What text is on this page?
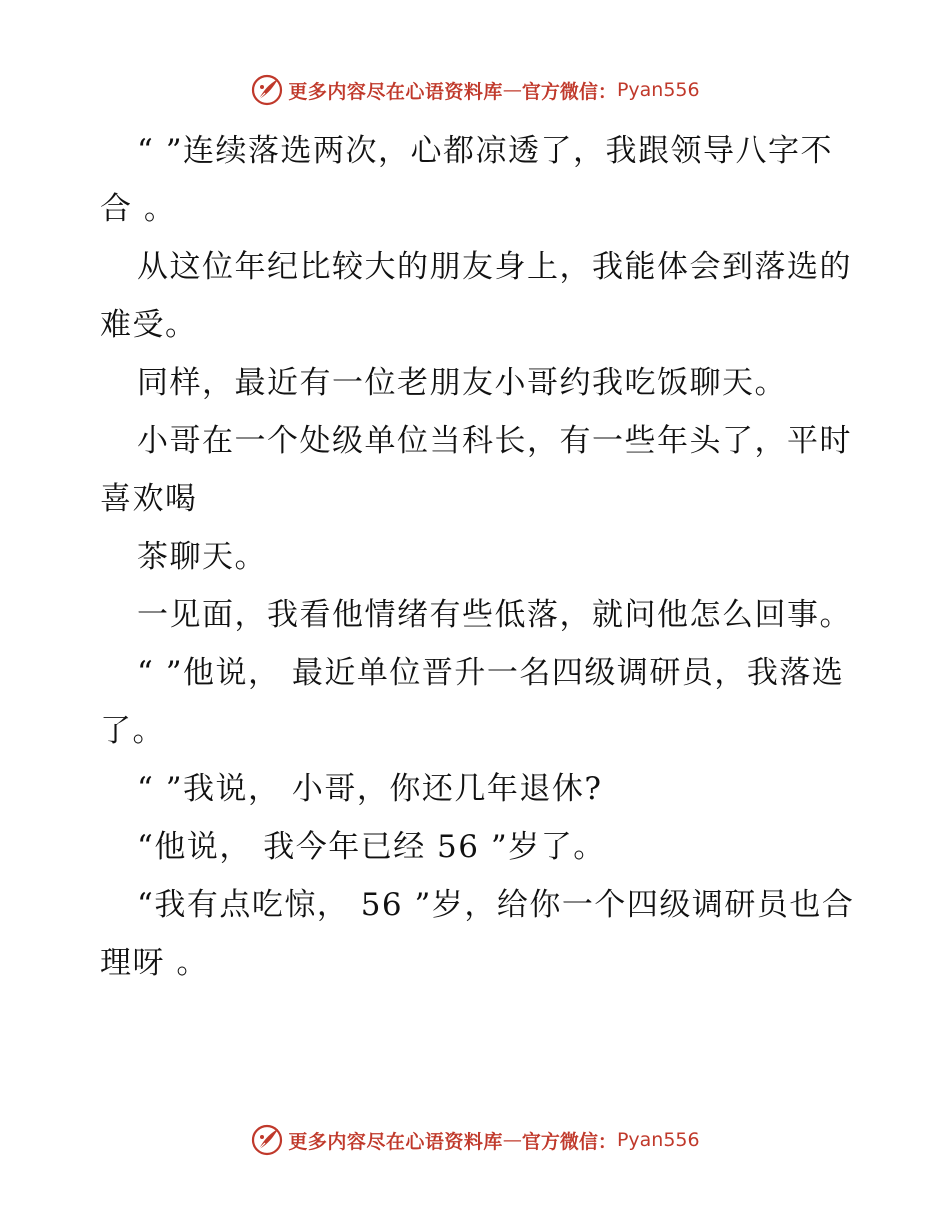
更多内容尽在心语资料库 — 官方微信： Pyan556

“ ”连续落选两次，心都凉透了，我跟领导八字不合 。

从这位年纪比较大的朋友身上，我能体会到落选的难受。

同样，最近有一位老朋友小哥约我吃饭聊天。

小哥在一个处级单位当科长，有一些年头了，平时喜欢喝

茶聊天。

一见面，我看他情绪有些低落，就问他怎么回事。

“ ”他说， 最近单位晋升一名四级调研员，我落选了。

“ ”我说， 小哥，你还几年退休?

“他说， 我今年已经 56 ”岁了。

“我有点吃惊， 56 ”岁，给你一个四级调研员也合理呀 。

更多内容尽在心语资料库 — 官方微信： Pyan556
